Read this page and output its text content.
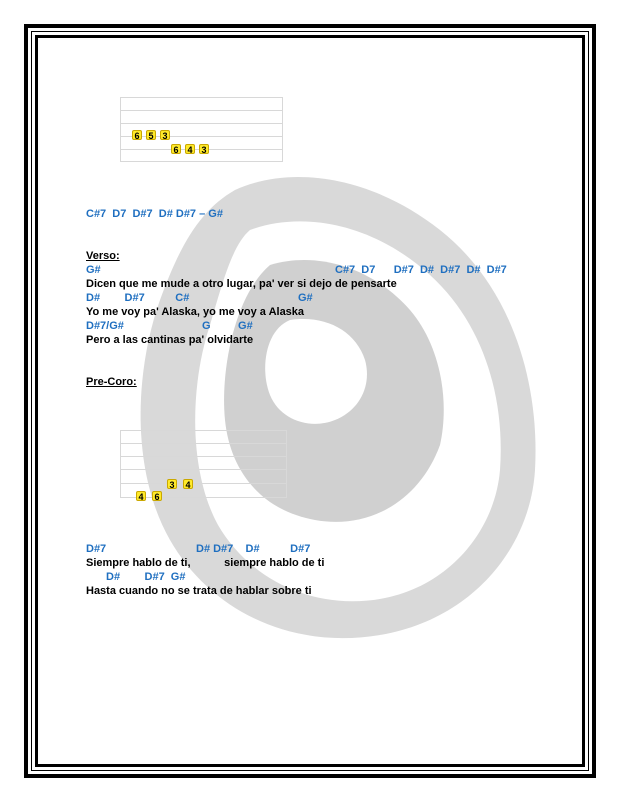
6 5 3
6 4 3
C#7  D7  D#7  D# D#7 – G#
Verso:
G#	C#7  D7      D#7  D#  D#7  D#  D#7
Dicen que me mude a otro lugar, pa' ver si dejo de pensarte
D#        D#7          C#	G#
Yo me voy pa' Alaska, yo me voy a Alaska
D#7/G#	G         G#
Pero a las cantinas pa' olvidarte
Pre-Coro:
3 4
4 6
D#7	D# D#7    D#          D#7
Siempre hablo de ti,           siempre hablo de ti
D#        D#7  G#
Hasta cuando no se trata de hablar sobre ti
